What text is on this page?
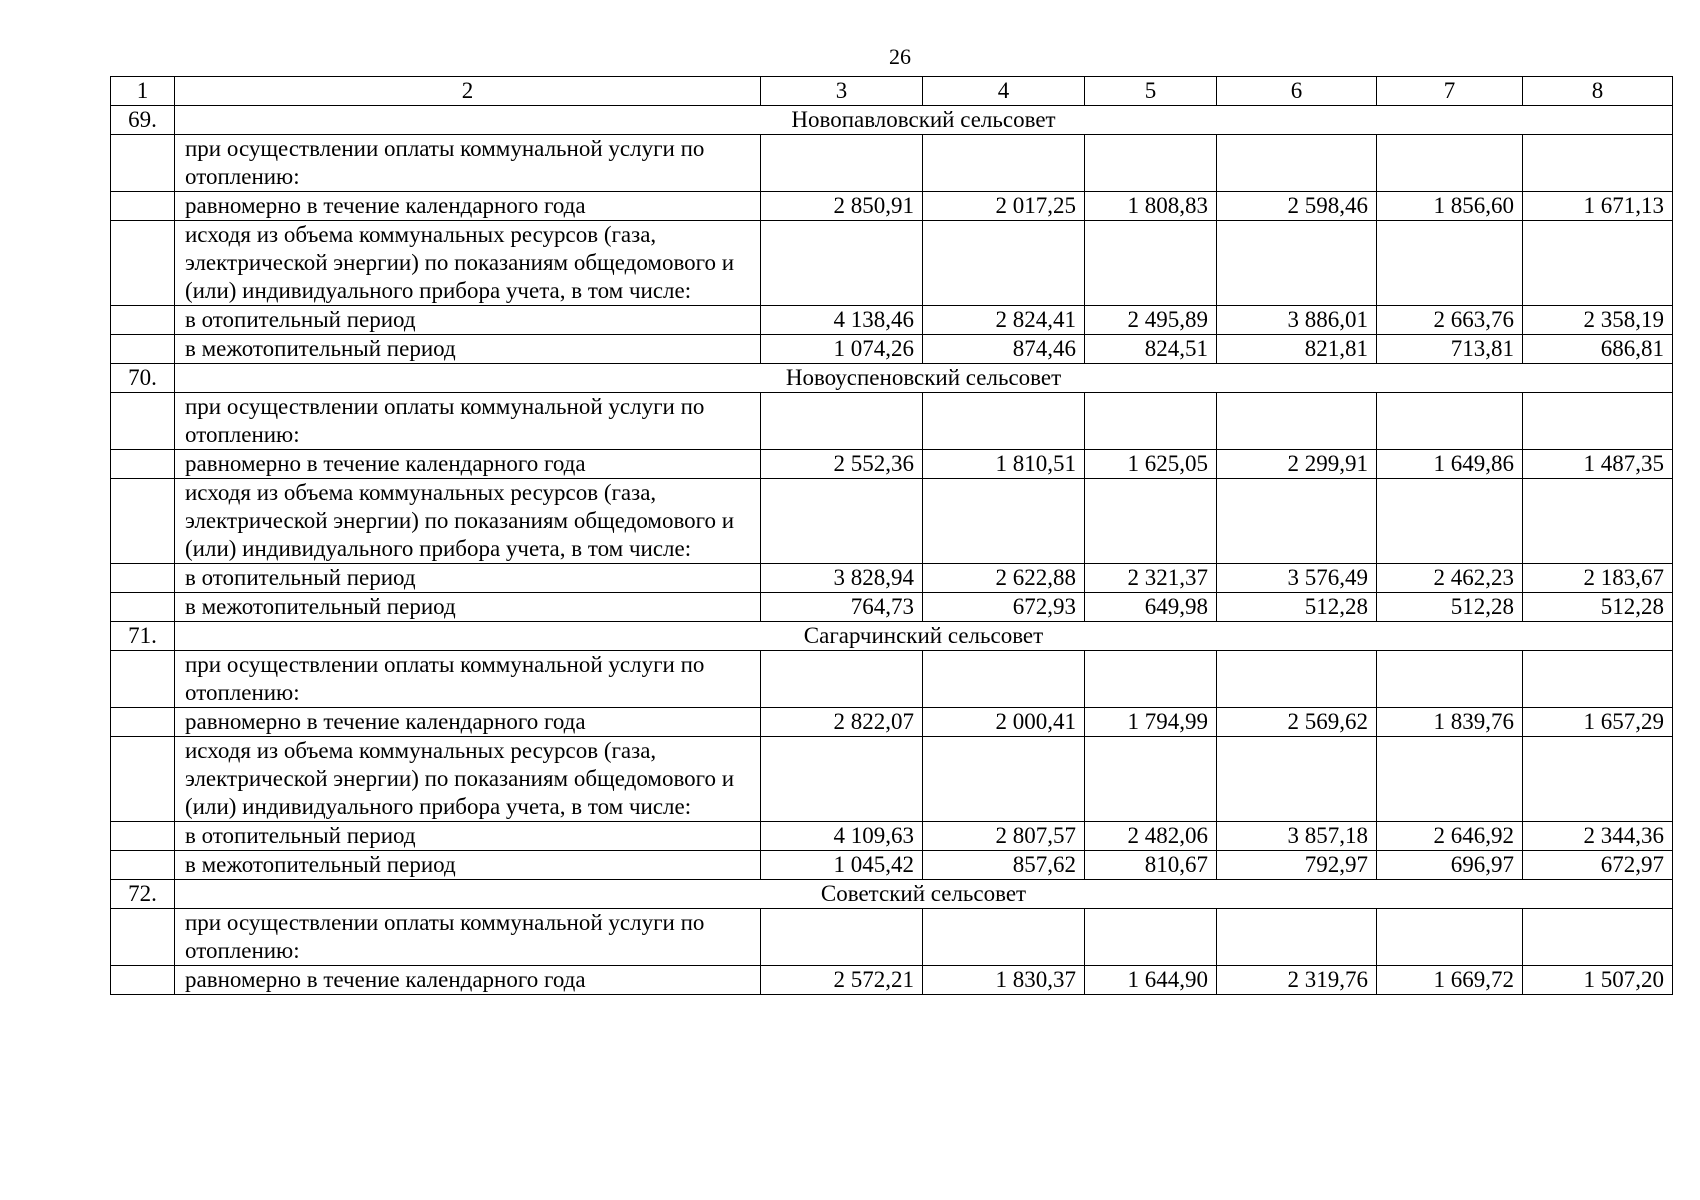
26
1	2	3	4	5	6	7	8
69.	Новопавловский сельсовет						
	при осуществлении оплаты коммунальной услуги по отоплению:						
	равномерно в течение календарного года	2 850,91	2 017,25	1 808,83	2 598,46	1 856,60	1 671,13
	исходя из объема коммунальных ресурсов (газа, электрической энергии) по показаниям общедомового и (или) индивидуального прибора учета, в том числе:						
	в отопительный период	4 138,46	2 824,41	2 495,89	3 886,01	2 663,76	2 358,19
	в межотопительный период	1 074,26	874,46	824,51	821,81	713,81	686,81
70.	Новоуспеновский сельсовет						
	при осуществлении оплаты коммунальной услуги по отоплению:						
	равномерно в течение календарного года	2 552,36	1 810,51	1 625,05	2 299,91	1 649,86	1 487,35
	исходя из объема коммунальных ресурсов (газа, электрической энергии) по показаниям общедомового и (или) индивидуального прибора учета, в том числе:						
	в отопительный период	3 828,94	2 622,88	2 321,37	3 576,49	2 462,23	2 183,67
	в межотопительный период	764,73	672,93	649,98	512,28	512,28	512,28
71.	Сагарчинский сельсовет						
	при осуществлении оплаты коммунальной услуги по отоплению:						
	равномерно в течение календарного года	2 822,07	2 000,41	1 794,99	2 569,62	1 839,76	1 657,29
	исходя из объема коммунальных ресурсов (газа, электрической энергии) по показаниям общедомового и (или) индивидуального прибора учета, в том числе:						
	в отопительный период	4 109,63	2 807,57	2 482,06	3 857,18	2 646,92	2 344,36
	в межотопительный период	1 045,42	857,62	810,67	792,97	696,97	672,97
72.	Советский сельсовет						
	при осуществлении оплаты коммунальной услуги по отоплению:						
	равномерно в течение календарного года	2 572,21	1 830,37	1 644,90	2 319,76	1 669,72	1 507,20
